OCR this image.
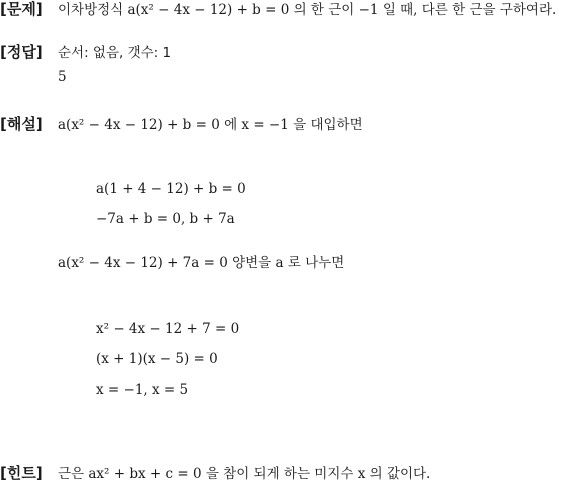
[문제] 이차방정식 a(x² − 4x − 12) + b = 0 의 한 근이 −1 일 때, 다른 한 근을 구하여라.
[정답] 순서: 없음, 갯수: 1
5
[해설] a(x² − 4x − 12) + b = 0 에 x = −1 을 대입하면
a(1 + 4 − 12) + b = 0
−7a + b = 0, b + 7a
a(x² − 4x − 12) + 7a = 0 양변을 a 로 나누면
x² − 4x − 12 + 7 = 0
(x + 1)(x − 5) = 0
x = −1, x = 5
[힌트] 근은 ax² + bx + c = 0 을 참이 되게 하는 미지수 x 의 값이다.
